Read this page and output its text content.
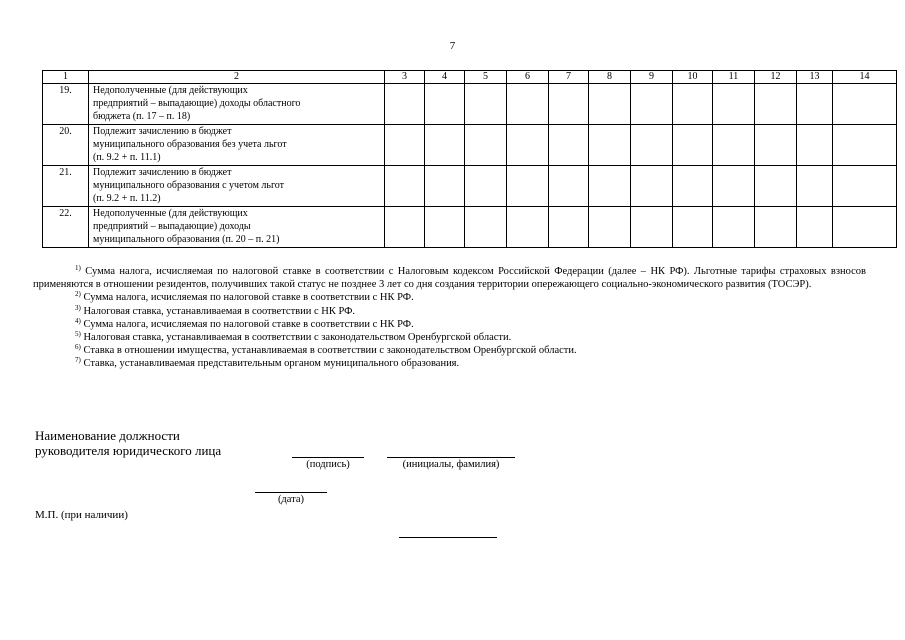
7
1	2	3	4	5	6	7	8	9	10	11	12	13	14
19.	Недополученные (для действующих
предприятий – выпадающие) доходы областного
бюджета (п. 17 – п. 18)												

20.	Подлежит зачислению в бюджет
муниципального образования без учета льгот
(п. 9.2 + п. 11.1)												

21.	Подлежит зачислению в бюджет
муниципального образования с учетом льгот
(п. 9.2 + п. 11.2)												

22.	Недополученные (для действующих
предприятий – выпадающие) доходы
муниципального образования (п. 20 – п. 21)												

$^{1)}$ Сумма налога, исчисляемая по налоговой ставке в соответствии с Налоговым кодексом Российской Федерации (далее – НК РФ). Льготные тарифы страховых взносов применяются в отношении резидентов, получивших такой статус не позднее 3 лет со дня создания территории опережающего социально-экономического развития (ТОСЭР).

$^{2)}$ Сумма налога, исчисляемая по налоговой ставке в соответствии с НК РФ.

$^{3)}$ Налоговая ставка, устанавливаемая в соответствии с НК РФ.

$^{4)}$ Сумма налога, исчисляемая по налоговой ставке в соответствии с НК РФ.

$^{5)}$ Налоговая ставка, устанавливаемая в соответствии с законодательством Оренбургской области.

$^{6)}$ Ставка в отношении имущества, устанавливаемая в соответствии с законодательством Оренбургской области.

$^{7)}$ Ставка, устанавливаемая представительным органом муниципального образования.

Наименование должности
руководителя юридического лица
(подпись)	(инициалы, фамилия)
(дата)
М.П. (при наличии)
